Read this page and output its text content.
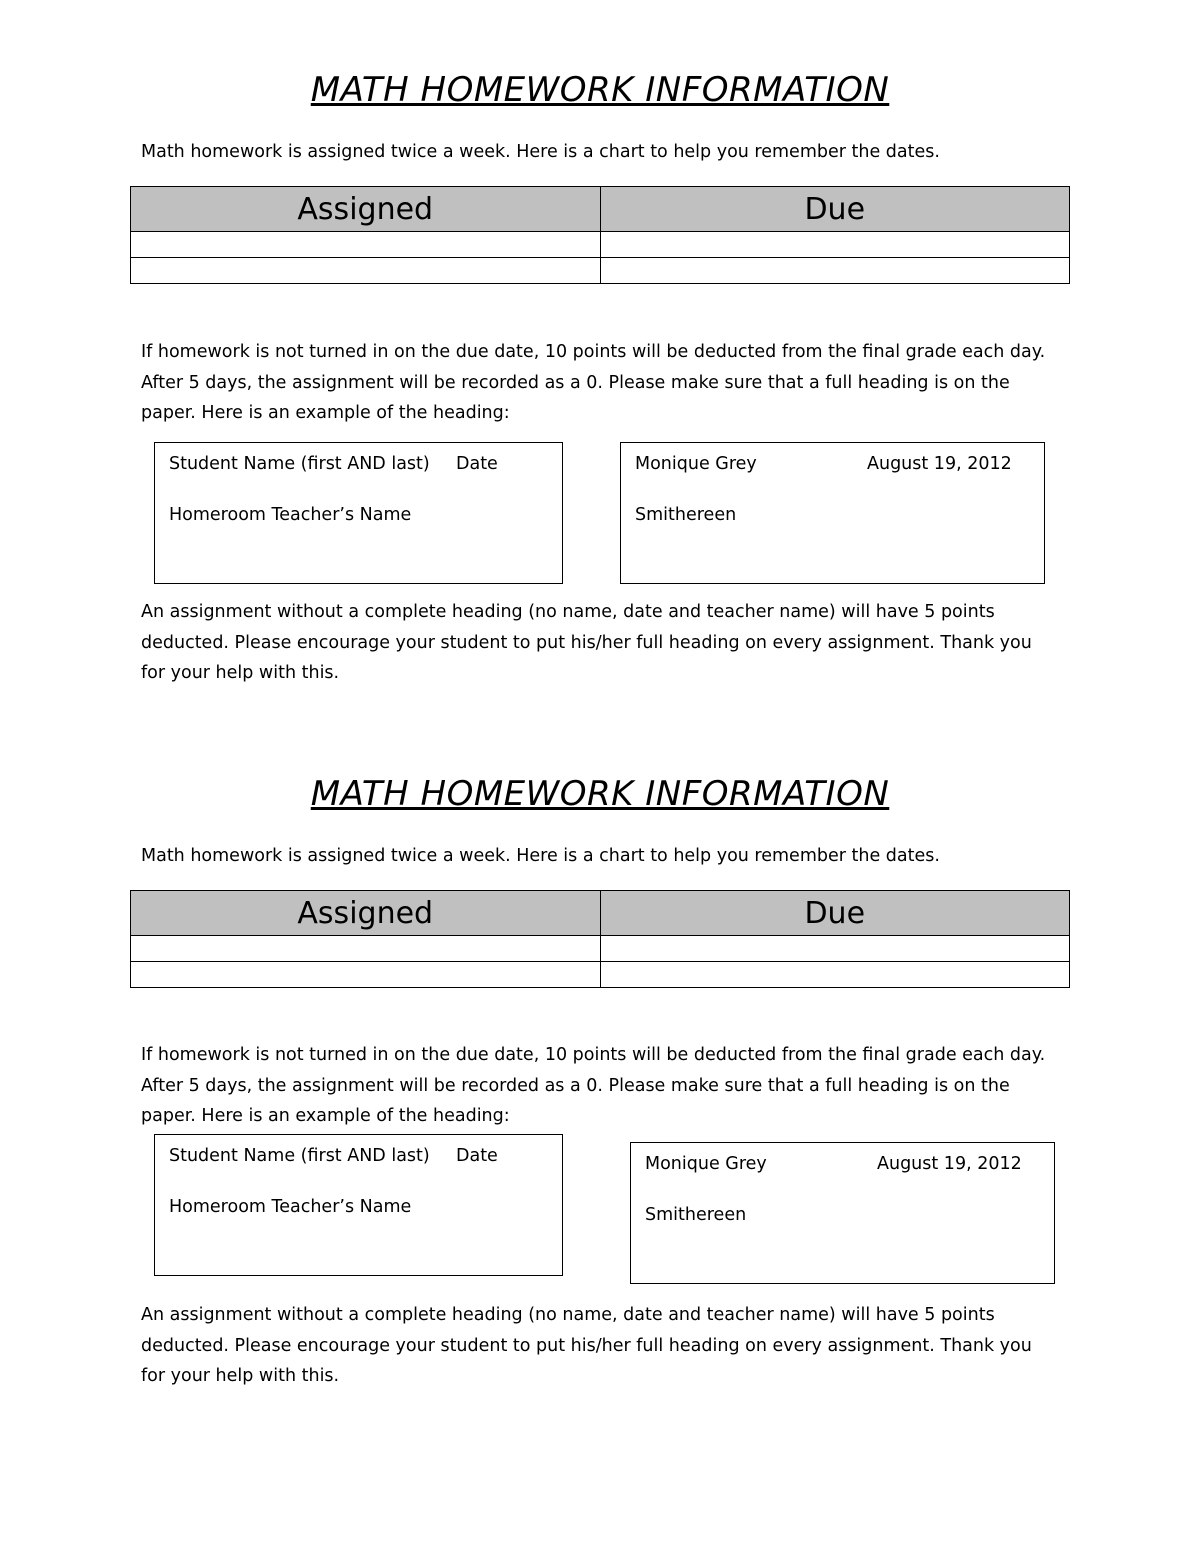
MATH HOMEWORK INFORMATION
Math homework is assigned twice a week. Here is a chart to help you remember the dates.
Assigned	Due

If homework is not turned in on the due date, 10 points will be deducted from the final grade each day. After 5 days, the assignment will be recorded as a 0. Please make sure that a full heading is on the paper. Here is an example of the heading:
Student Name (first AND last) Date
Homeroom Teacher’s Name
Monique Grey	August 19, 2012
Smithereen
An assignment without a complete heading (no name, date and teacher name) will have 5 points deducted. Please encourage your student to put his/her full heading on every assignment. Thank you for your help with this.
MATH HOMEWORK INFORMATION
Math homework is assigned twice a week. Here is a chart to help you remember the dates.
Assigned	Due

If homework is not turned in on the due date, 10 points will be deducted from the final grade each day. After 5 days, the assignment will be recorded as a 0. Please make sure that a full heading is on the paper. Here is an example of the heading:
Student Name (first AND last) Date
Homeroom Teacher’s Name
Monique Grey	August 19, 2012
Smithereen
An assignment without a complete heading (no name, date and teacher name) will have 5 points deducted. Please encourage your student to put his/her full heading on every assignment. Thank you for your help with this.
